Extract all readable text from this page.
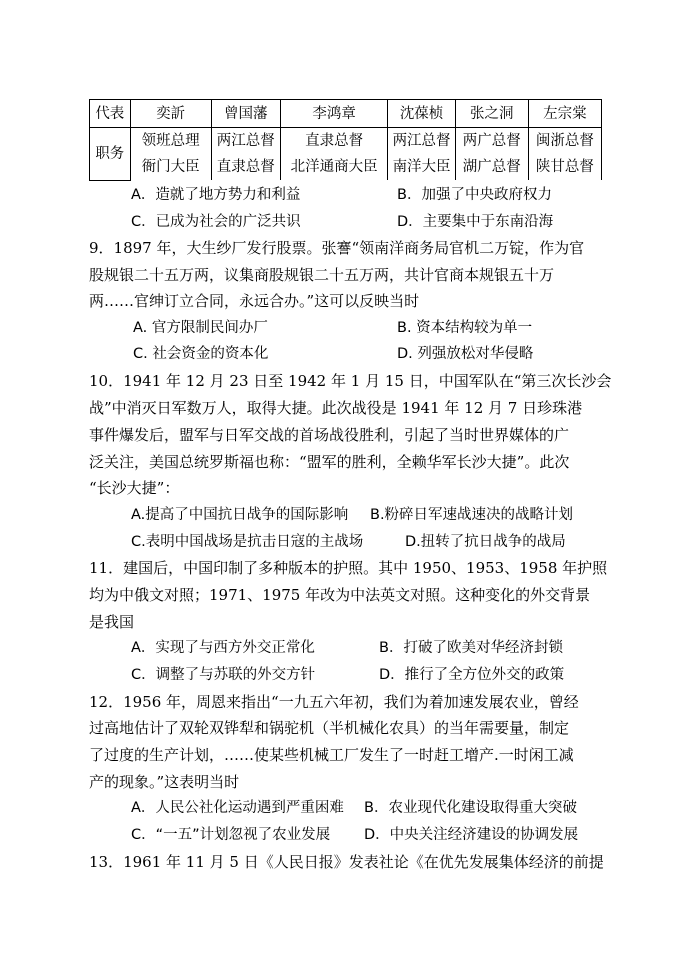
代表	奕訢	曾国藩	李鸿章	沈葆桢	张之洞	左宗棠
职务	领班总理	两江总督	直隶总督	两江总督	两广总督	闽浙总督
	衙门大臣	直隶总督	北洋通商大臣	南洋大臣	湖广总督	陕甘总督
A．造就了地方势力和利益	B．加强了中央政府权力
C．已成为社会的广泛共识	D．主要集中于东南沿海
9．1897 年，大生纱厂发行股票。张謇“领南洋商务局官机二万锭，作为官
股规银二十五万两，议集商股规银二十五万两，共计官商本规银五十万
两……官绅订立合同，永远合办。”这可以反映当时
A. 官方限制民间办厂	B. 资本结构较为单一
C. 社会资金的资本化	D. 列强放松对华侵略
10．1941 年 12 月 23 日至 1942 年 1 月 15 日，中国军队在“第三次长沙会
战”中消灭日军数万人，取得大捷。此次战役是 1941 年 12 月 7 日珍珠港
事件爆发后，盟军与日军交战的首场战役胜利，引起了当时世界媒体的广
泛关注，美国总统罗斯福也称：“盟军的胜利，全赖华军长沙大捷”。此次
“长沙大捷”：
A.提高了中国抗日战争的国际影响 B.粉碎日军速战速决的战略计划
C.表明中国战场是抗击日寇的主战场	D.扭转了抗日战争的战局
11．建国后，中国印制了多种版本的护照。其中 1950、1953、1958 年护照
均为中俄文对照；1971、1975 年改为中法英文对照。这种变化的外交背景
是我国
A．实现了与西方外交正常化	B．打破了欧美对华经济封锁
C．调整了与苏联的外交方针	D．推行了全方位外交的政策
12．1956 年，周恩来指出“一九五六年初，我们为着加速发展农业，曾经
过高地估计了双轮双铧犁和锅驼机（半机械化农具）的当年需要量，制定
了过度的生产计划，……使某些机械工厂发生了一时赶工增产.一时闲工减
产的现象。”这表明当时
A．人民公社化运动遇到严重困难 B．农业现代化建设取得重大突破
C．“一五”计划忽视了农业发展 D．中央关注经济建设的协调发展
13．1961 年 11 月 5 日《人民日报》发表社论《在优先发展集体经济的前提
